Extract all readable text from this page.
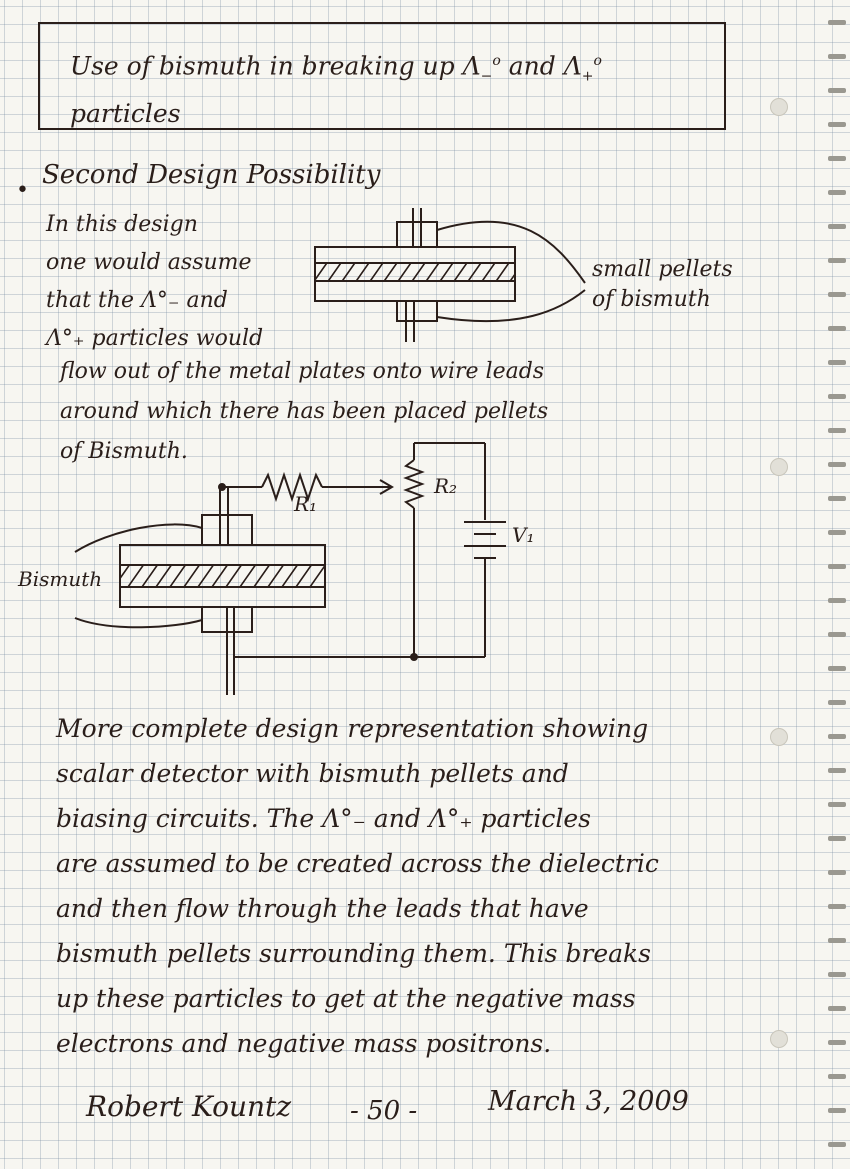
Use of bismuth in breaking up $\Lambda_-^o$ and $\Lambda_+^o$
particles
•
Second Design Possibility
In this design
one would assume
that the Λ°₋ and
Λ°₊ particles would
flow out of the metal plates onto wire leads
around which there has been placed pellets
of Bismuth.
small pellets
of bismuth
R₁
R₂
V₁
Bismuth
More complete design representation showing
scalar detector with bismuth pellets and
biasing circuits. The Λ°₋ and Λ°₊ particles
are assumed to be created across the dielectric
and then flow through the leads that have
bismuth pellets surrounding them. This breaks
up these particles to get at the negative mass
electrons and negative mass positrons.
Robert Kountz - 50 -	March 3, 2009
